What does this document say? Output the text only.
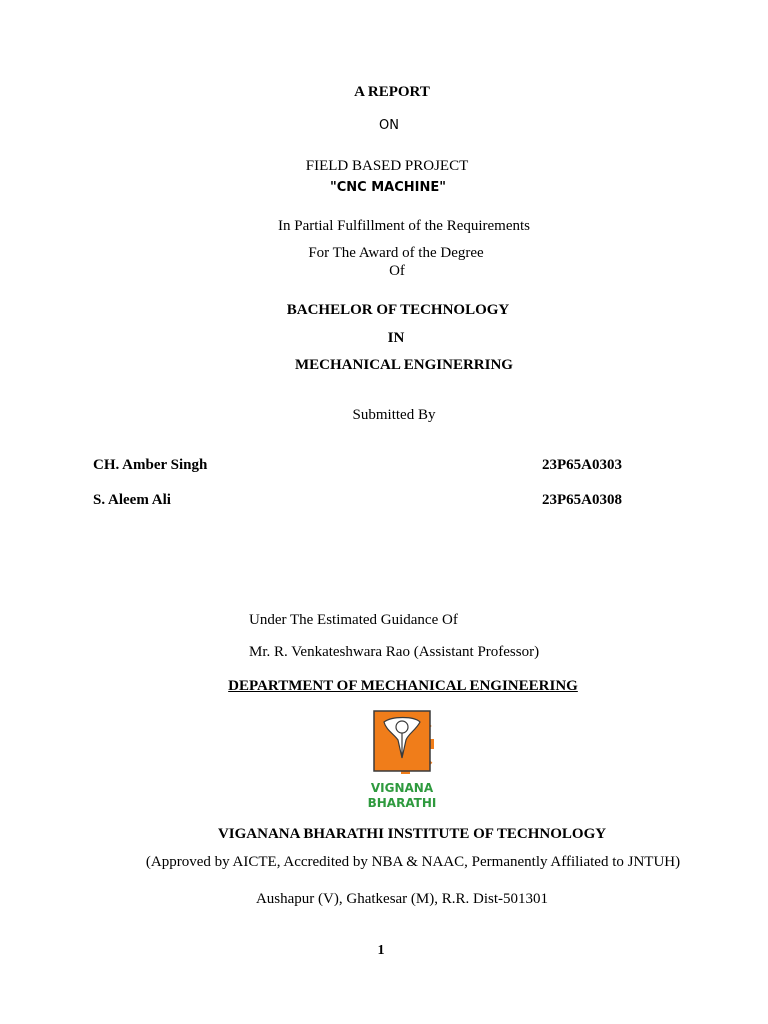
A REPORT
ON
FIELD BASED PROJECT
"CNC MACHINE"
In Partial Fulfillment of the Requirements
For The Award of the Degree
Of
BACHELOR OF TECHNOLOGY
IN
MECHANICAL ENGINERRING
Submitted By
CH. Amber Singh	23P65A0303
S. Aleem Ali	23P65A0308
Under The Estimated Guidance Of
Mr. R. Venkateshwara Rao (Assistant Professor)
DEPARTMENT OF MECHANICAL ENGINEERING
VIGNANA
BHARATHI
VIGANANA BHARATHI INSTITUTE OF TECHNOLOGY
(Approved by AICTE, Accredited by NBA & NAAC, Permanently Affiliated to JNTUH)
Aushapur (V), Ghatkesar (M), R.R. Dist-501301
1
